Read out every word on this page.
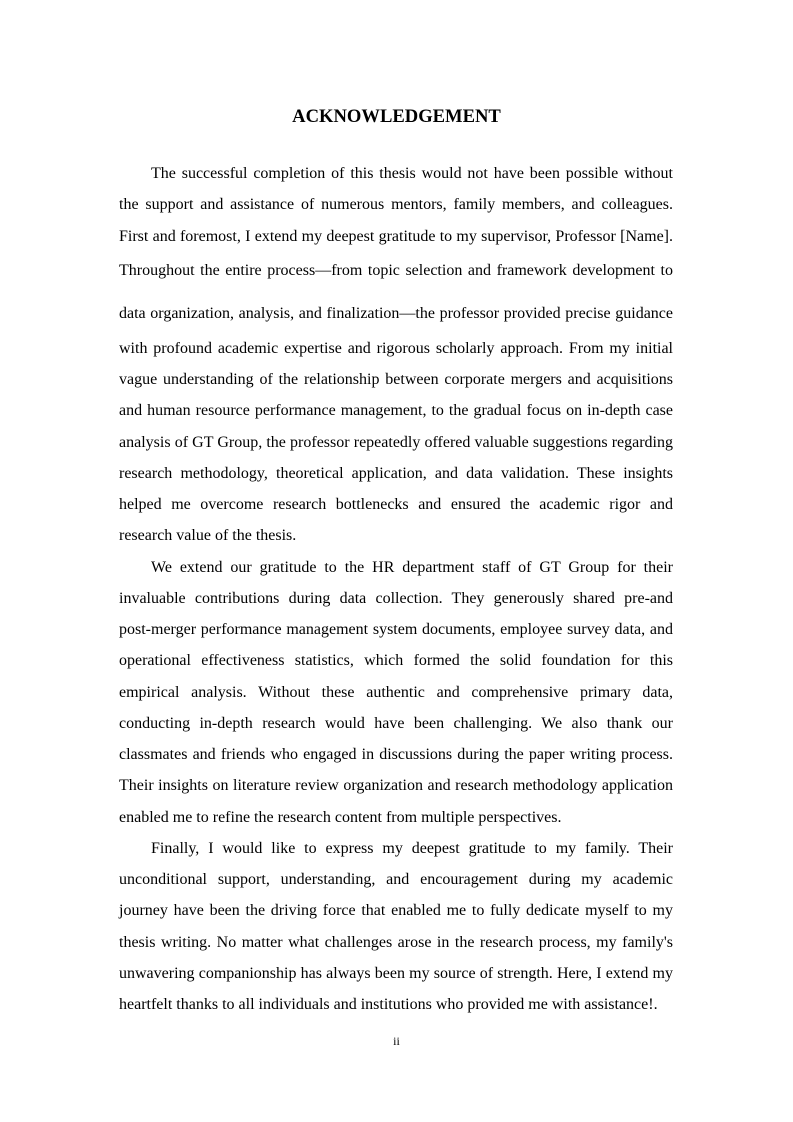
ACKNOWLEDGEMENT
The successful completion of this thesis would not have been possible without
the support and assistance of numerous mentors, family members, and colleagues.
First and foremost, I extend my deepest gratitude to my supervisor, Professor [Name].
Throughout the entire process—from topic selection and framework development to
data organization, analysis, and finalization—the professor provided precise guidance
with profound academic expertise and rigorous scholarly approach. From my initial
vague understanding of the relationship between corporate mergers and acquisitions
and human resource performance management, to the gradual focus on in-depth case
analysis of GT Group, the professor repeatedly offered valuable suggestions regarding
research methodology, theoretical application, and data validation. These insights
helped me overcome research bottlenecks and ensured the academic rigor and
research value of the thesis.
We extend our gratitude to the HR department staff of GT Group for their
invaluable contributions during data collection. They generously shared pre-and
post-merger performance management system documents, employee survey data, and
operational effectiveness statistics, which formed the solid foundation for this
empirical analysis. Without these authentic and comprehensive primary data,
conducting in-depth research would have been challenging. We also thank our
classmates and friends who engaged in discussions during the paper writing process.
Their insights on literature review organization and research methodology application
enabled me to refine the research content from multiple perspectives.
Finally, I would like to express my deepest gratitude to my family. Their
unconditional support, understanding, and encouragement during my academic
journey have been the driving force that enabled me to fully dedicate myself to my
thesis writing. No matter what challenges arose in the research process, my family's
unwavering companionship has always been my source of strength. Here, I extend my
heartfelt thanks to all individuals and institutions who provided me with assistance!.
ii
